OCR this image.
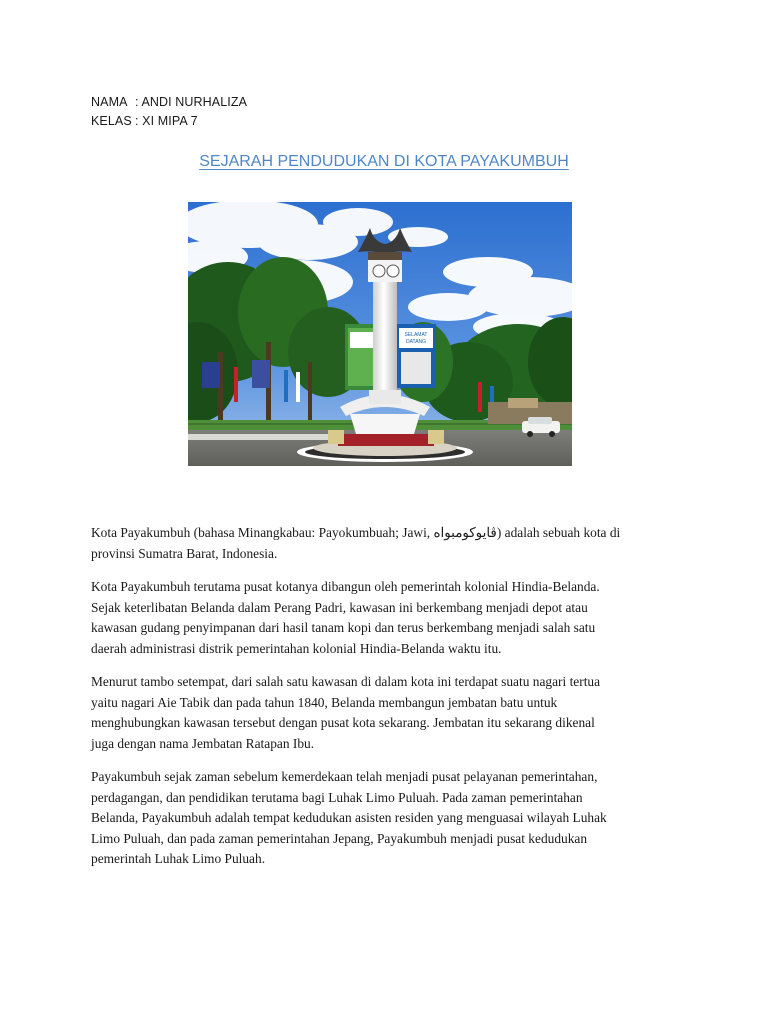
NAMA : ANDI NURHALIZA
KELAS : XI MIPA 7
SEJARAH PENDUDUKAN DI KOTA PAYAKUMBUH
SELAMAT
DATANG
Kota Payakumbuh (bahasa Minangkabau: Payokumbuah; Jawi, ڤايوكومبواه) adalah sebuah kota di
provinsi Sumatra Barat, Indonesia.
Kota Payakumbuh terutama pusat kotanya dibangun oleh pemerintah kolonial Hindia-Belanda.
Sejak keterlibatan Belanda dalam Perang Padri, kawasan ini berkembang menjadi depot atau
kawasan gudang penyimpanan dari hasil tanam kopi dan terus berkembang menjadi salah satu
daerah administrasi distrik pemerintahan kolonial Hindia-Belanda waktu itu.
Menurut tambo setempat, dari salah satu kawasan di dalam kota ini terdapat suatu nagari tertua
yaitu nagari Aie Tabik dan pada tahun 1840, Belanda membangun jembatan batu untuk
menghubungkan kawasan tersebut dengan pusat kota sekarang. Jembatan itu sekarang dikenal
juga dengan nama Jembatan Ratapan Ibu.
Payakumbuh sejak zaman sebelum kemerdekaan telah menjadi pusat pelayanan pemerintahan,
perdagangan, dan pendidikan terutama bagi Luhak Limo Puluah. Pada zaman pemerintahan
Belanda, Payakumbuh adalah tempat kedudukan asisten residen yang menguasai wilayah Luhak
Limo Puluah, dan pada zaman pemerintahan Jepang, Payakumbuh menjadi pusat kedudukan
pemerintah Luhak Limo Puluah.
